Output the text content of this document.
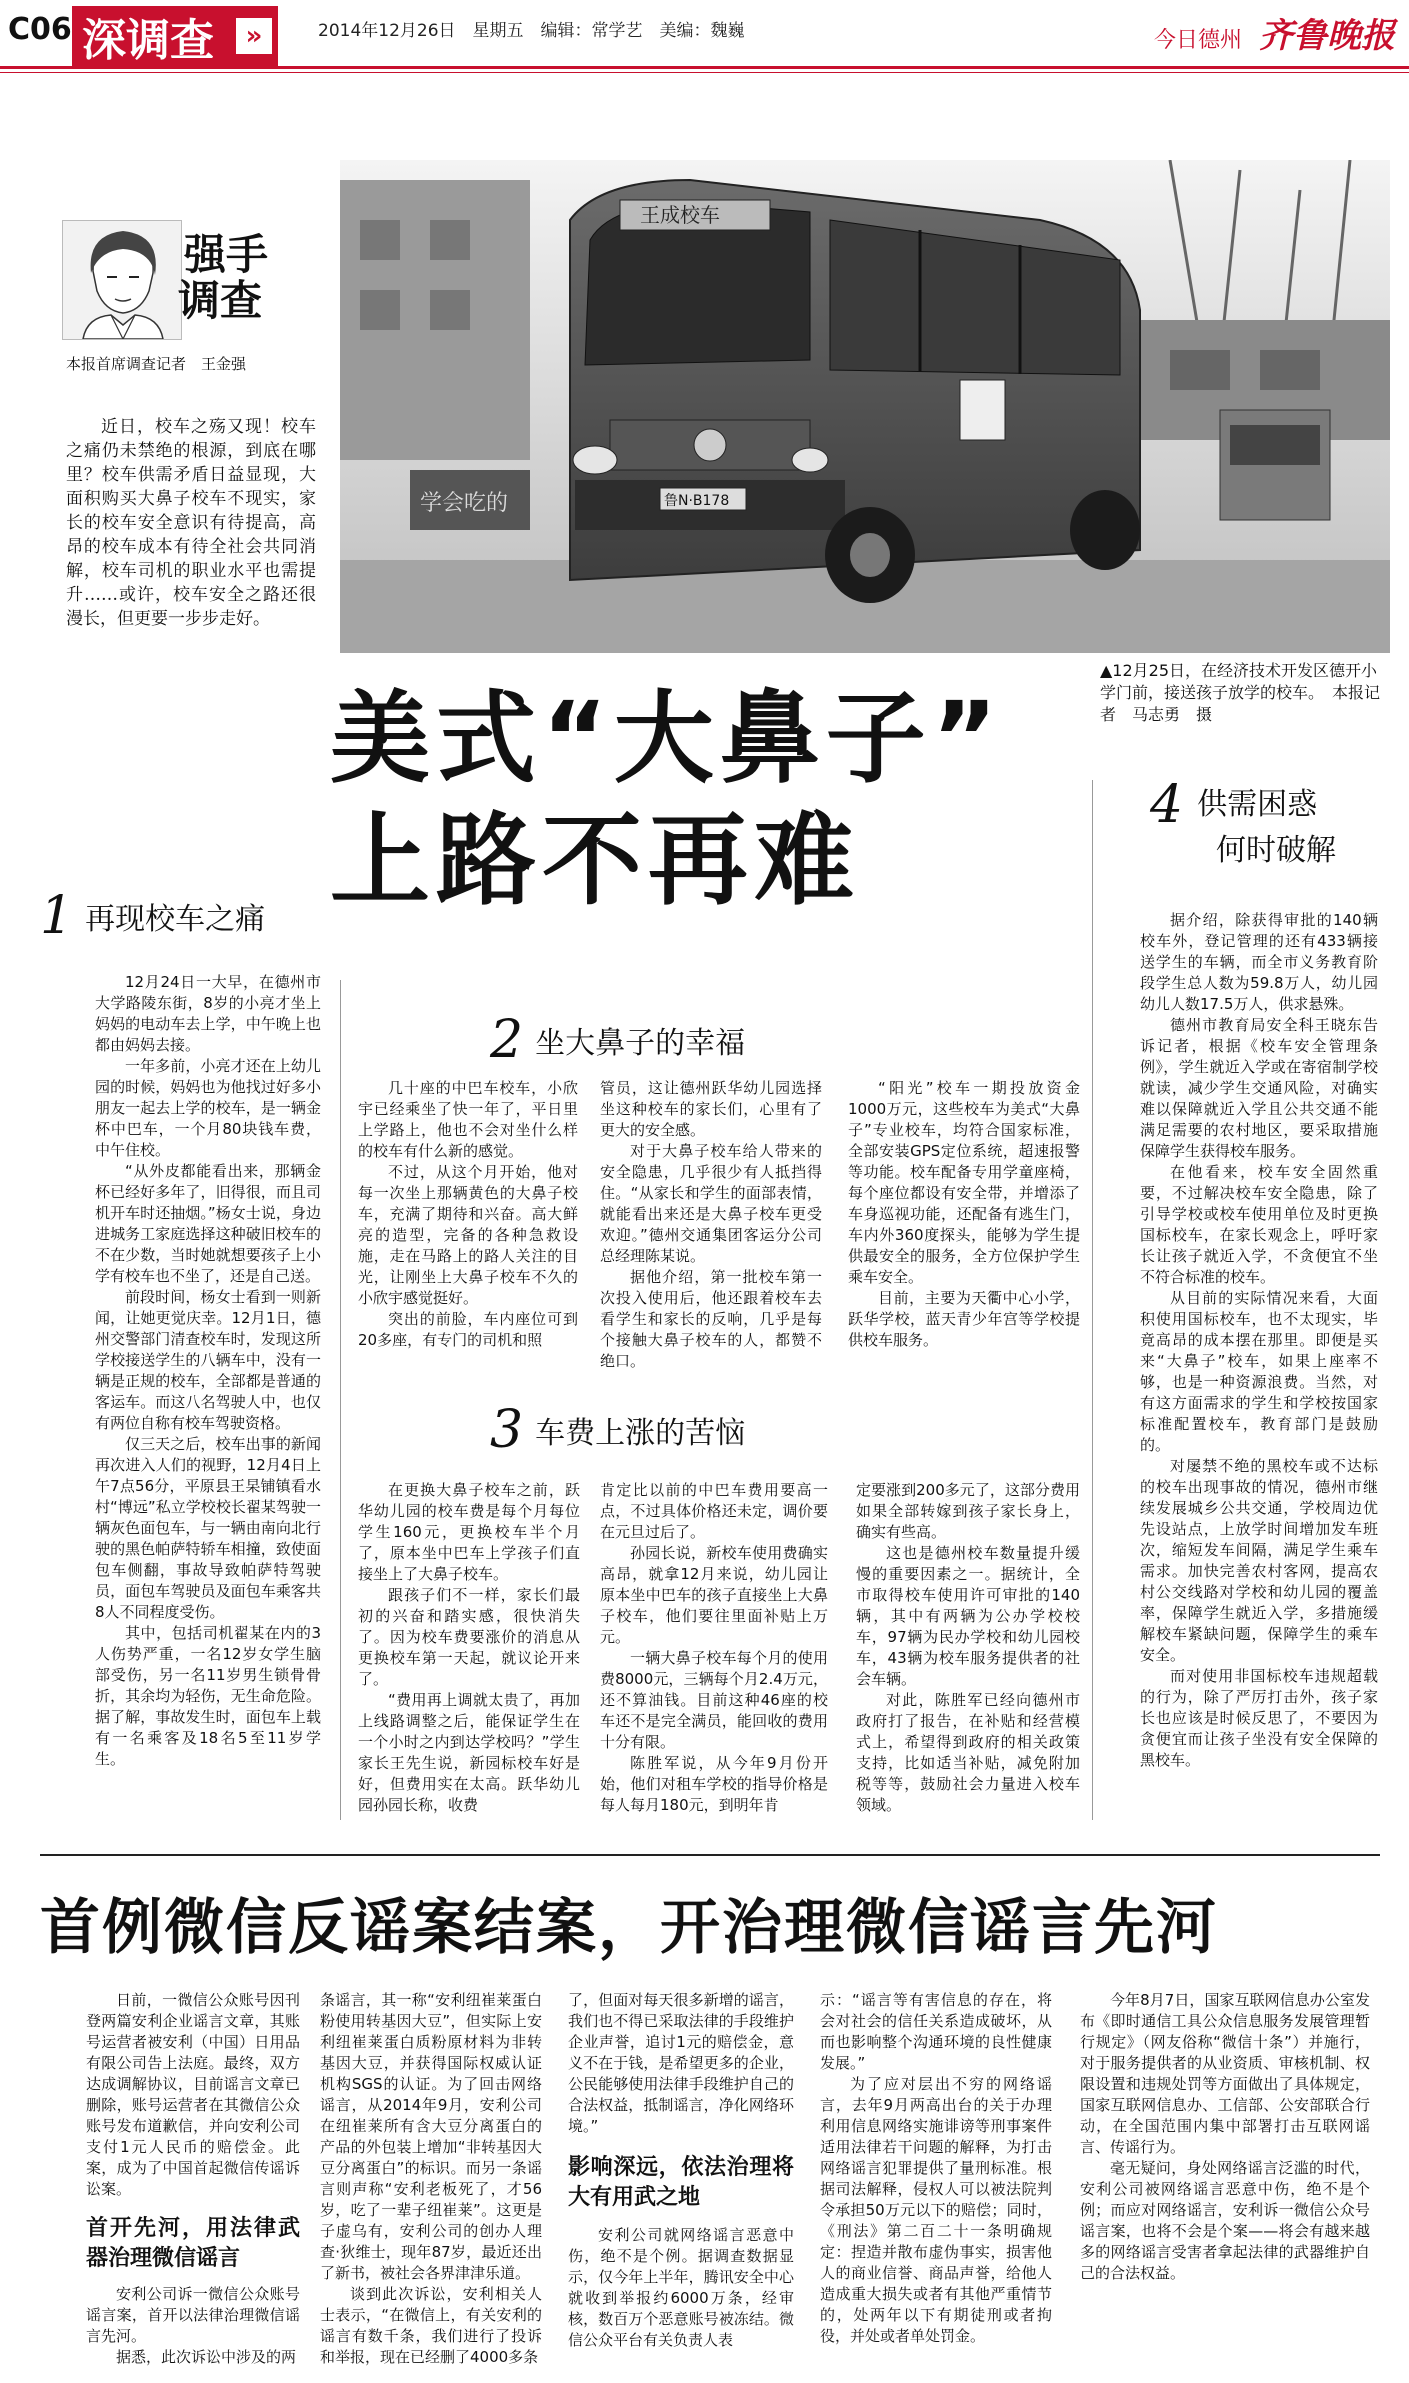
C06 深调查	»	2014年12月26日　星期五　编辑：常学艺　美编：魏巍	今日德州 齐鲁晚报
强手
调查
本报首席调查记者　王金强
近日，校车之殇又现！校车之痛仍未禁绝的根源，到底在哪里？校车供需矛盾日益显现，大面积购买大鼻子校车不现实，家长的校车安全意识有待提高，高昂的校车成本有待全社会共同消解，校车司机的职业水平也需提升……或许，校车安全之路还很漫长，但更要一步步走好。
学会吃的
王成校车
鲁N·B178
▲12月25日，在经济技术开发区德开小学门前，接送孩子放学的校车。　本报记者　马志勇　摄
美式“大鼻子”
上路不再难
1 再现校车之痛

12月24日一大早，在德州市大学路陵东街，8岁的小亮才坐上妈妈的电动车去上学，中午晚上也都由妈妈去接。

一年多前，小亮才还在上幼儿园的时候，妈妈也为他找过好多小朋友一起去上学的校车，是一辆金杯中巴车，一个月80块钱车费，中午住校。

“从外皮都能看出来，那辆金杯已经好多年了，旧得很，而且司机开车时还抽烟。”杨女士说，身边进城务工家庭选择这种破旧校车的不在少数，当时她就想要孩子上小学有校车也不坐了，还是自己送。

前段时间，杨女士看到一则新闻，让她更觉庆幸。12月1日，德州交警部门清查校车时，发现这所学校接送学生的八辆车中，没有一辆是正规的校车，全部都是普通的客运车。而这八名驾驶人中，也仅有两位自称有校车驾驶资格。

仅三天之后，校车出事的新闻再次进入人们的视野，12月4日上午7点56分，平原县王杲铺镇看水村“博远”私立学校校长翟某驾驶一辆灰色面包车，与一辆由南向北行驶的黑色帕萨特轿车相撞，致使面包车侧翻，事故导致帕萨特驾驶员，面包车驾驶员及面包车乘客共8人不同程度受伤。

其中，包括司机翟某在内的3人伤势严重，一名12岁女学生脑部受伤，另一名11岁男生锁骨骨折，其余均为轻伤，无生命危险。据了解，事故发生时，面包车上载有一名乘客及18名5至11岁学生。

2 坐大鼻子的幸福

几十座的中巴车校车，小欣宇已经乘坐了快一年了，平日里上学路上，他也不会对坐什么样的校车有什么新的感觉。

不过，从这个月开始，他对每一次坐上那辆黄色的大鼻子校车，充满了期待和兴奋。高大鲜亮的造型，完备的各种急救设施，走在马路上的路人关注的目光，让刚坐上大鼻子校车不久的小欣宇感觉挺好。

突出的前脸，车内座位可到20多座，有专门的司机和照

管员，这让德州跃华幼儿园选择坐这种校车的家长们，心里有了更大的安全感。

对于大鼻子校车给人带来的安全隐患，几乎很少有人抵挡得住。“从家长和学生的面部表情，就能看出来还是大鼻子校车更受欢迎。”德州交通集团客运分公司总经理陈某说。

据他介绍，第一批校车第一次投入使用后，他还跟着校车去看学生和家长的反响，几乎是每个接触大鼻子校车的人，都赞不绝口。

“阳光”校车一期投放资金1000万元，这些校车为美式“大鼻子”专业校车，均符合国家标准，全部安装GPS定位系统，超速报警等功能。校车配备专用学童座椅，每个座位都设有安全带，并增添了车身巡视功能，还配备有逃生门，车内外360度探头，能够为学生提供最安全的服务，全方位保护学生乘车安全。

目前，主要为天衢中心小学，跃华学校，蓝天青少年宫等学校提供校车服务。

3 车费上涨的苦恼

在更换大鼻子校车之前，跃华幼儿园的校车费是每个月每位学生160元，更换校车半个月了，原本坐中巴车上学孩子们直接坐上了大鼻子校车。

跟孩子们不一样，家长们最初的兴奋和踏实感，很快消失了。因为校车费要涨价的消息从更换校车第一天起，就议论开来了。

“费用再上调就太贵了，再加上线路调整之后，能保证学生在一个小时之内到达学校吗？”学生家长王先生说，新园标校车好是好，但费用实在太高。跃华幼儿园孙园长称，收费

肯定比以前的中巴车费用要高一点，不过具体价格还未定，调价要在元旦过后了。

孙园长说，新校车使用费确实高昂，就拿12月来说，幼儿园让原本坐中巴车的孩子直接坐上大鼻子校车，他们要往里面补贴上万元。

一辆大鼻子校车每个月的使用费8000元，三辆每个月2.4万元，还不算油钱。目前这种46座的校车还不是完全满员，能回收的费用十分有限。

陈胜军说，从今年9月份开始，他们对租车学校的指导价格是每人每月180元，到明年肯

定要涨到200多元了，这部分费用如果全部转嫁到孩子家长身上，确实有些高。

这也是德州校车数量提升缓慢的重要因素之一。据统计，全市取得校车使用许可审批的140辆，其中有两辆为公办学校校车，97辆为民办学校和幼儿园校车，43辆为校车服务提供者的社会车辆。

对此，陈胜军已经向德州市政府打了报告，在补贴和经营模式上，希望得到政府的相关政策支持，比如适当补贴，减免附加税等等，鼓励社会力量进入校车领域。

4 供需困惑
何时破解

据介绍，除获得审批的140辆校车外，登记管理的还有433辆接送学生的车辆，而全市义务教育阶段学生总人数为59.8万人，幼儿园幼儿人数17.5万人，供求悬殊。

德州市教育局安全科王晓东告诉记者，根据《校车安全管理条例》，学生就近入学或在寄宿制学校就读，减少学生交通风险，对确实难以保障就近入学且公共交通不能满足需要的农村地区，要采取措施保障学生获得校车服务。

在他看来，校车安全固然重要，不过解决校车安全隐患，除了引导学校或校车使用单位及时更换国标校车，在家长观念上，呼吁家长让孩子就近入学，不贪便宜不坐不符合标准的校车。

从目前的实际情况来看，大面积使用国标校车，也不太现实，毕竟高昂的成本摆在那里。即便是买来“大鼻子”校车，如果上座率不够，也是一种资源浪费。当然，对有这方面需求的学生和学校按国家标准配置校车，教育部门是鼓励的。

对屡禁不绝的黑校车或不达标的校车出现事故的情况，德州市继续发展城乡公共交通，学校周边优先设站点，上放学时间增加发车班次，缩短发车间隔，满足学生乘车需求。加快完善农村客网，提高农村公交线路对学校和幼儿园的覆盖率，保障学生就近入学，多措施缓解校车紧缺问题，保障学生的乘车安全。

而对使用非国标校车违规超载的行为，除了严厉打击外，孩子家长也应该是时候反思了，不要因为贪便宜而让孩子坐没有安全保障的黑校车。

首例微信反谣案结案，开治理微信谣言先河

日前，一微信公众账号因刊登两篇安利企业谣言文章，其账号运营者被安利（中国）日用品有限公司告上法庭。最终，双方达成调解协议，目前谣言文章已删除，账号运营者在其微信公众账号发布道歉信，并向安利公司支付1元人民币的赔偿金。此案，成为了中国首起微信传谣诉讼案。

首开先河，用法律武器治理微信谣言

安利公司诉一微信公众账号谣言案，首开以法律治理微信谣言先河。

据悉，此次诉讼中涉及的两

条谣言，其一称“安利纽崔莱蛋白粉使用转基因大豆”，但实际上安利纽崔莱蛋白质粉原材料为非转基因大豆，并获得国际权威认证机构SGS的认证。为了回击网络谣言，从2014年9月，安利公司在纽崔莱所有含大豆分离蛋白的产品的外包装上增加“非转基因大豆分离蛋白”的标识。而另一条谣言则声称“安利老板死了，才56岁，吃了一辈子纽崔莱”。这更是子虚乌有，安利公司的创办人理查·狄维士，现年87岁，最近还出了新书，被社会各界津津乐道。

谈到此次诉讼，安利相关人士表示，“在微信上，有关安利的谣言有数千条，我们进行了投诉和举报，现在已经删了4000多条

了，但面对每天很多新增的谣言，我们也不得已采取法律的手段维护企业声誉，追讨1元的赔偿金，意义不在于钱，是希望更多的企业，公民能够使用法律手段维护自己的合法权益，抵制谣言，净化网络环境。”

影响深远，依法治理将大有用武之地

安利公司就网络谣言恶意中伤，绝不是个例。据调查数据显示，仅今年上半年，腾讯安全中心就收到举报约6000万条，经审核，数百万个恶意账号被冻结。微信公众平台有关负责人表

示：“谣言等有害信息的存在，将会对社会的信任关系造成破坏，从而也影响整个沟通环境的良性健康发展。”

为了应对层出不穷的网络谣言，去年9月两高出台的关于办理利用信息网络实施诽谤等刑事案件适用法律若干问题的解释，为打击网络谣言犯罪提供了量刑标准。根据司法解释，侵权人可以被法院判令承担50万元以下的赔偿；同时，《刑法》第二百二十一条明确规定：捏造并散布虚伪事实，损害他人的商业信誉、商品声誉，给他人造成重大损失或者有其他严重情节的，处两年以下有期徒刑或者拘役，并处或者单处罚金。

今年8月7日，国家互联网信息办公室发布《即时通信工具公众信息服务发展管理暂行规定》（网友俗称“微信十条”）并施行，对于服务提供者的从业资质、审核机制、权限设置和违规处罚等方面做出了具体规定，国家互联网信息办、工信部、公安部联合行动，在全国范围内集中部署打击互联网谣言、传谣行为。

毫无疑问，身处网络谣言泛滥的时代，安利公司被网络谣言恶意中伤，绝不是个例；而应对网络谣言，安利诉一微信公众号谣言案，也将不会是个案——将会有越来越多的网络谣言受害者拿起法律的武器维护自己的合法权益。
